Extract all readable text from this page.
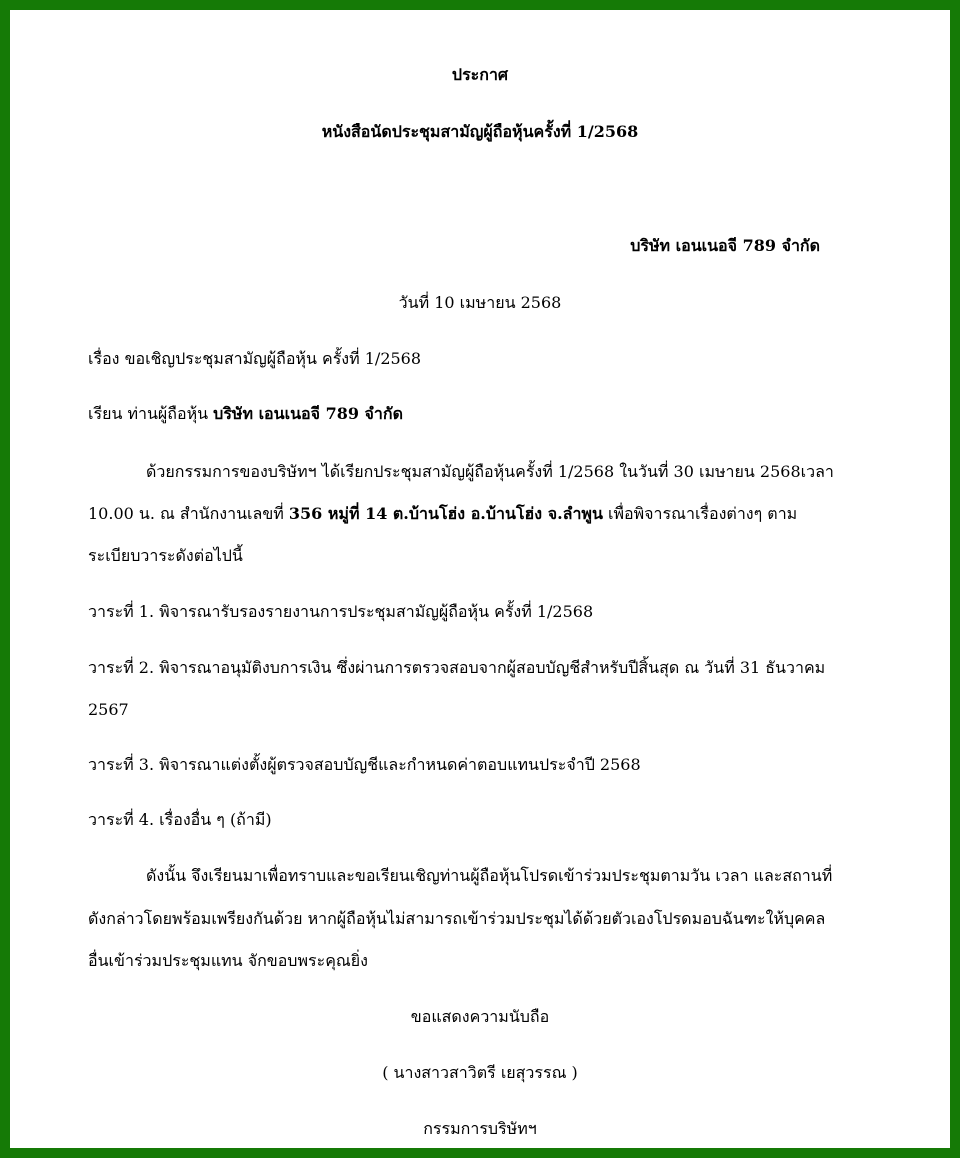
ประกาศ
หนังสือนัดประชุมสามัญผู้ถือหุ้นครั้งที่ 1/2568
บริษัท เอนเนอจี 789 จำกัด
วันที่ 10 เมษายน 2568
เรื่อง ขอเชิญประชุมสามัญผู้ถือหุ้น ครั้งที่ 1/2568
เรียน ท่านผู้ถือหุ้น บริษัท เอนเนอจี 789 จำกัด
ด้วยกรรมการของบริษัทฯ ได้เรียกประชุมสามัญผู้ถือหุ้นครั้งที่ 1/2568 ในวันที่ 30 เมษายน 2568เวลา
10.00 น. ณ สำนักงานเลขที่ 356 หมู่ที่ 14 ต.บ้านโฮ่ง อ.บ้านโฮ่ง จ.ลำพูน เพื่อพิจารณาเรื่องต่างๆ ตาม
ระเบียบวาระดังต่อไปนี้
วาระที่ 1. พิจารณารับรองรายงานการประชุมสามัญผู้ถือหุ้น ครั้งที่ 1/2568
วาระที่ 2. พิจารณาอนุมัติงบการเงิน ซึ่งผ่านการตรวจสอบจากผู้สอบบัญชีสำหรับปีสิ้นสุด ณ วันที่ 31 ธันวาคม
2567
วาระที่ 3. พิจารณาแต่งตั้งผู้ตรวจสอบบัญชีและกำหนดค่าตอบแทนประจำปี 2568
วาระที่ 4. เรื่องอื่น ๆ (ถ้ามี)
ดังนั้น จึงเรียนมาเพื่อทราบและขอเรียนเชิญท่านผู้ถือหุ้นโปรดเข้าร่วมประชุมตามวัน เวลา และสถานที่
ดังกล่าวโดยพร้อมเพรียงกันด้วย หากผู้ถือหุ้นไม่สามารถเข้าร่วมประชุมได้ด้วยตัวเองโปรดมอบฉันฑะให้บุคคล
อื่นเข้าร่วมประชุมแทน จักขอบพระคุณยิ่ง
ขอแสดงความนับถือ
( นางสาวสาวิตรี เยสุวรรณ )
กรรมการบริษัทฯ
